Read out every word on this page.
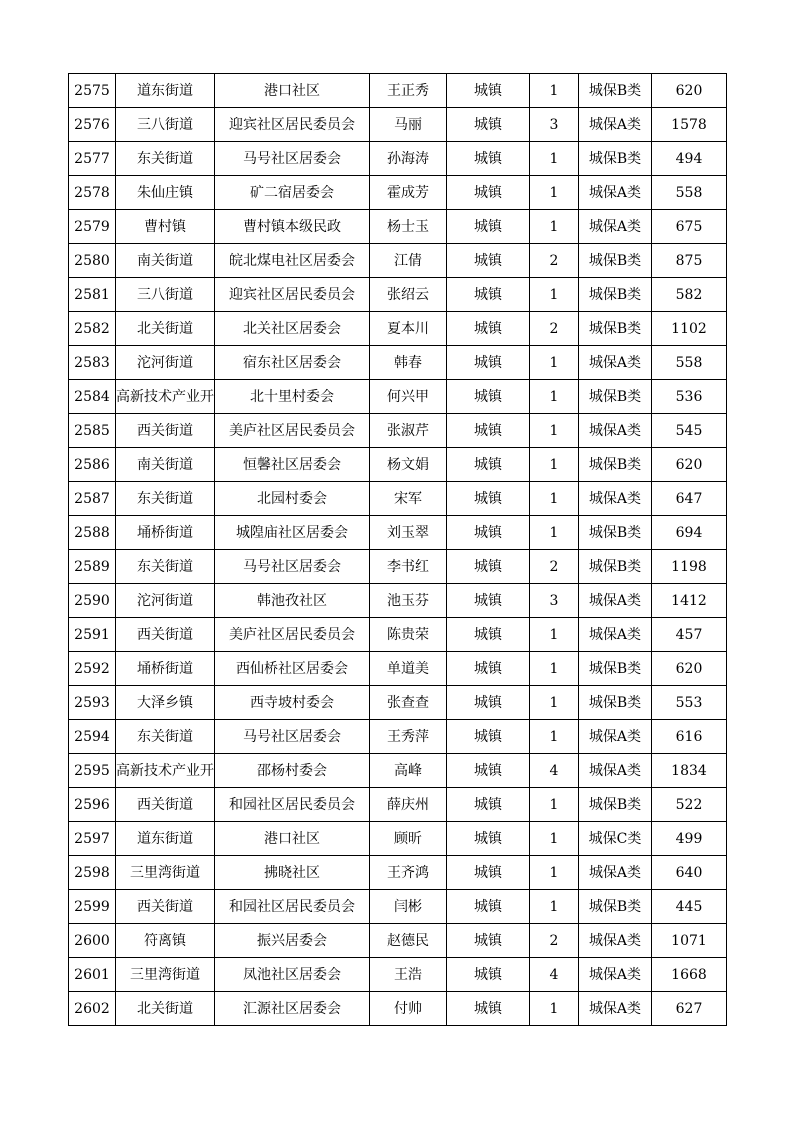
2575	道东街道	港口社区	王正秀	城镇	1	城保B类	620
2576	三八街道	迎宾社区居民委员会	马丽	城镇	3	城保A类	1578
2577	东关街道	马号社区居委会	孙海涛	城镇	1	城保B类	494
2578	朱仙庄镇	矿二宿居委会	霍成芳	城镇	1	城保A类	558
2579	曹村镇	曹村镇本级民政	杨士玉	城镇	1	城保A类	675
2580	南关街道	皖北煤电社区居委会	江倩	城镇	2	城保B类	875
2581	三八街道	迎宾社区居民委员会	张绍云	城镇	1	城保B类	582
2582	北关街道	北关社区居委会	夏本川	城镇	2	城保B类	1102
2583	沱河街道	宿东社区居委会	韩春	城镇	1	城保A类	558
2584	高新技术产业开	北十里村委会	何兴甲	城镇	1	城保B类	536
2585	西关街道	美庐社区居民委员会	张淑芹	城镇	1	城保A类	545
2586	南关街道	恒馨社区居委会	杨文娟	城镇	1	城保B类	620
2587	东关街道	北园村委会	宋军	城镇	1	城保A类	647
2588	埇桥街道	城隍庙社区居委会	刘玉翠	城镇	1	城保B类	694
2589	东关街道	马号社区居委会	李书红	城镇	2	城保B类	1198
2590	沱河街道	韩池孜社区	池玉芬	城镇	3	城保A类	1412
2591	西关街道	美庐社区居民委员会	陈贵荣	城镇	1	城保A类	457
2592	埇桥街道	西仙桥社区居委会	单道美	城镇	1	城保B类	620
2593	大泽乡镇	西寺坡村委会	张查查	城镇	1	城保B类	553
2594	东关街道	马号社区居委会	王秀萍	城镇	1	城保A类	616
2595	高新技术产业开	邵杨村委会	高峰	城镇	4	城保A类	1834
2596	西关街道	和园社区居民委员会	薛庆州	城镇	1	城保B类	522
2597	道东街道	港口社区	顾昕	城镇	1	城保C类	499
2598	三里湾街道	拂晓社区	王齐鸿	城镇	1	城保A类	640
2599	西关街道	和园社区居民委员会	闫彬	城镇	1	城保B类	445
2600	符离镇	振兴居委会	赵德民	城镇	2	城保A类	1071
2601	三里湾街道	凤池社区居委会	王浩	城镇	4	城保A类	1668
2602	北关街道	汇源社区居委会	付帅	城镇	1	城保A类	627
